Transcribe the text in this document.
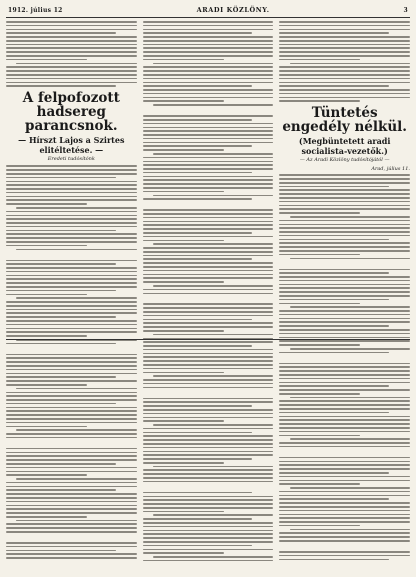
1912. július 12	ARADI KÖZLÖNY.	3
A felpofozott hadsereg parancsnok.
— Hírszt Lajos a Szirtes elitéltetése. —
Eredeti tudósítónk
Tüntetés engedély nélkül.
(Megbüntetett aradi socialista-vezetők.)
— Az Aradi Közlöny tudósítójától —
Arad, július 11.
